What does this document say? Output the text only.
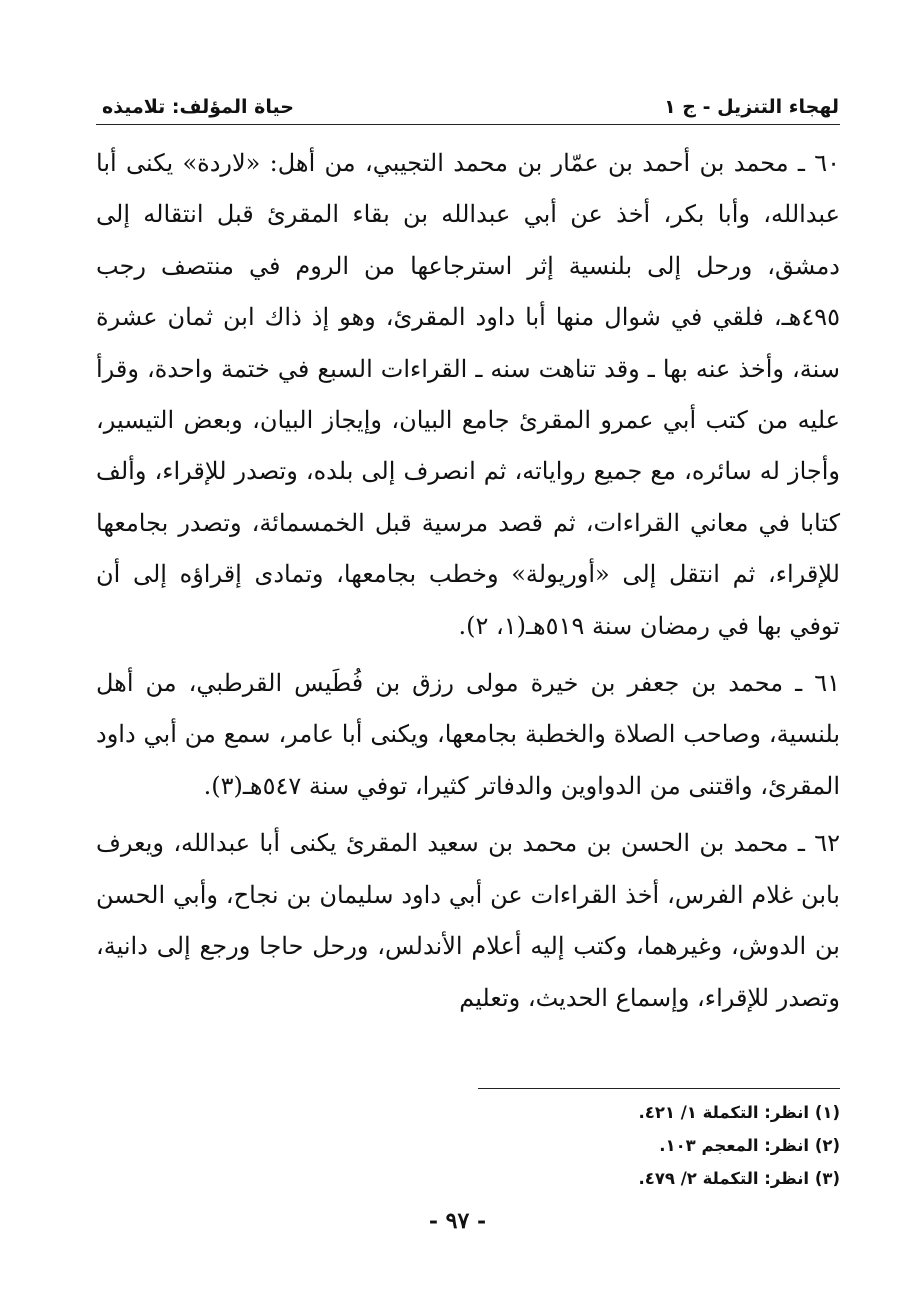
لهجاء التنزيل - ج ١
حياة المؤلف: تلاميذه

٦٠ ـ محمد بن أحمد بن عمّار بن محمد التجيبي، من أهل: «لاردة» يكنى أبا عبدالله، وأبا بكر، أخذ عن أبي عبدالله بن بقاء المقرئ قبل انتقاله إلى دمشق، ورحل إلى بلنسية إثر استرجاعها من الروم في منتصف رجب ٤٩٥هـ، فلقي في شوال منها أبا داود المقرئ، وهو إذ ذاك ابن ثمان عشرة سنة، وأخذ عنه بها ـ وقد تناهت سنه ـ القراءات السبع في ختمة واحدة، وقرأ عليه من كتب أبي عمرو المقرئ جامع البيان، وإيجاز البيان، وبعض التيسير، وأجاز له سائره، مع جميع رواياته، ثم انصرف إلى بلده، وتصدر للإقراء، وألف كتابا في معاني القراءات، ثم قصد مرسية قبل الخمسمائة، وتصدر بجامعها للإقراء، ثم انتقل إلى «أوريولة» وخطب بجامعها، وتمادى إقراؤه إلى أن توفي بها في رمضان سنة ٥١٩هـ(١، ٢).

٦١ ـ محمد بن جعفر بن خيرة مولى رزق بن فُطَيس القرطبي، من أهل بلنسية، وصاحب الصلاة والخطبة بجامعها، ويكنى أبا عامر، سمع من أبي داود المقرئ، واقتنى من الدواوين والدفاتر كثيرا، توفي سنة ٥٤٧هـ(٣).

٦٢ ـ محمد بن الحسن بن محمد بن سعيد المقرئ يكنى أبا عبدالله، ويعرف بابن غلام الفرس، أخذ القراءات عن أبي داود سليمان بن نجاح، وأبي الحسن بن الدوش، وغيرهما، وكتب إليه أعلام الأندلس، ورحل حاجا ورجع إلى دانية، وتصدر للإقراء، وإسماع الحديث، وتعليم

(١) انظر: التكملة ١/ ٤٢١.
(٢) انظر: المعجم ١٠٣.
(٣) انظر: التكملة ٢/ ٤٧٩.
- ٩٧ -
